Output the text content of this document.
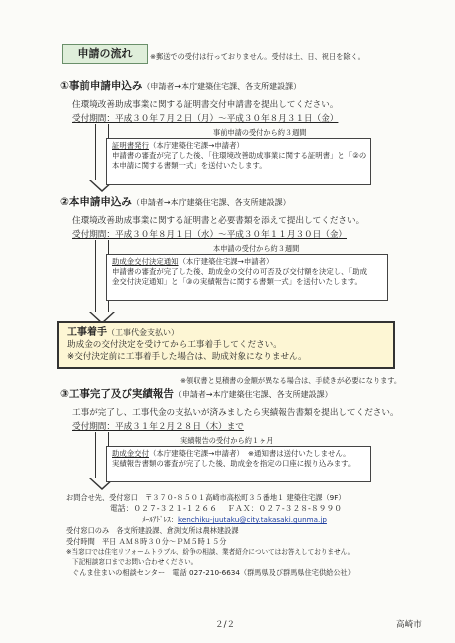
申請の流れ	※郵送での受付は行っておりません。受付は土、日、祝日を除く。
①事前申請申込み（申請者→本庁建築住宅課、各支所建設課）
住環境改善助成事業に関する証明書交付申請書を提出してください。
受付期間：平成３０年７月２日（月）～平成３０年８月３１日（金）
事前申請の受付から約３週間
証明書発行（本庁建築住宅課→申請者）
申請書の審査が完了した後、「住環境改善助成事業に関する証明書」と「②の
本申請に関する書類一式」を送付いたします。
②本申請申込み（申請者→本庁建築住宅課、各支所建設課）
住環境改善助成事業に関する証明書と必要書類を添えて提出してください。
受付期間：平成３０年８月１日（水）～平成３０年１１月３０日（金）
本申請の受付から約３週間
助成金交付決定通知（本庁建築住宅課→申請者）
申請書の審査が完了した後、助成金の交付の可否及び交付額を決定し、「助成
金交付決定通知」と「③の実績報告に関する書類一式」を送付いたします。
工事着手（工事代金支払い）
助成金の交付決定を受けてから工事着手してください。
※交付決定前に工事着手した場合は、助成対象になりません。
※領収書と見積書の金額が異なる場合は、手続きが必要になります。
③工事完了及び実績報告（申請者→本庁建築住宅課、各支所建設課）
工事が完了し、工事代金の支払いが済みましたら実績報告書類を提出してください。
受付期間：平成３１年２月２８日（木）まで
実績報告の受付から約１ヶ月
助成金交付（本庁建築住宅課→申請者） ※通知書は送付いたしません。
実績報告書類の審査が完了した後、助成金を指定の口座に振り込みます。
お問合せ先、受付窓口　〒３７０-８５０１高崎市高松町３５番地１ 建築住宅課（9F）
電話：０２７-３２１-１２６６　 ＦＡＸ：０２７-３２８-８９９０
ﾒｰﾙｱﾄﾞﾚｽ：kenchiku-juutaku@city.takasaki.gunma.jp
受付窓口のみ　各支所建設課、倉渕支所は農林建設課
受付時間　平日 ＡＭ８時３０分～ＰＭ５時１５分
※当窓口では住宅リフォームトラブル、紛争の相談、業者紹介についてはお答えしておりません。
下記相談窓口までお問い合わせください。
ぐんま住まいの相談センター　電話 027-210-6634（群馬県及び群馬県住宅供給公社）
２/２	高崎市
